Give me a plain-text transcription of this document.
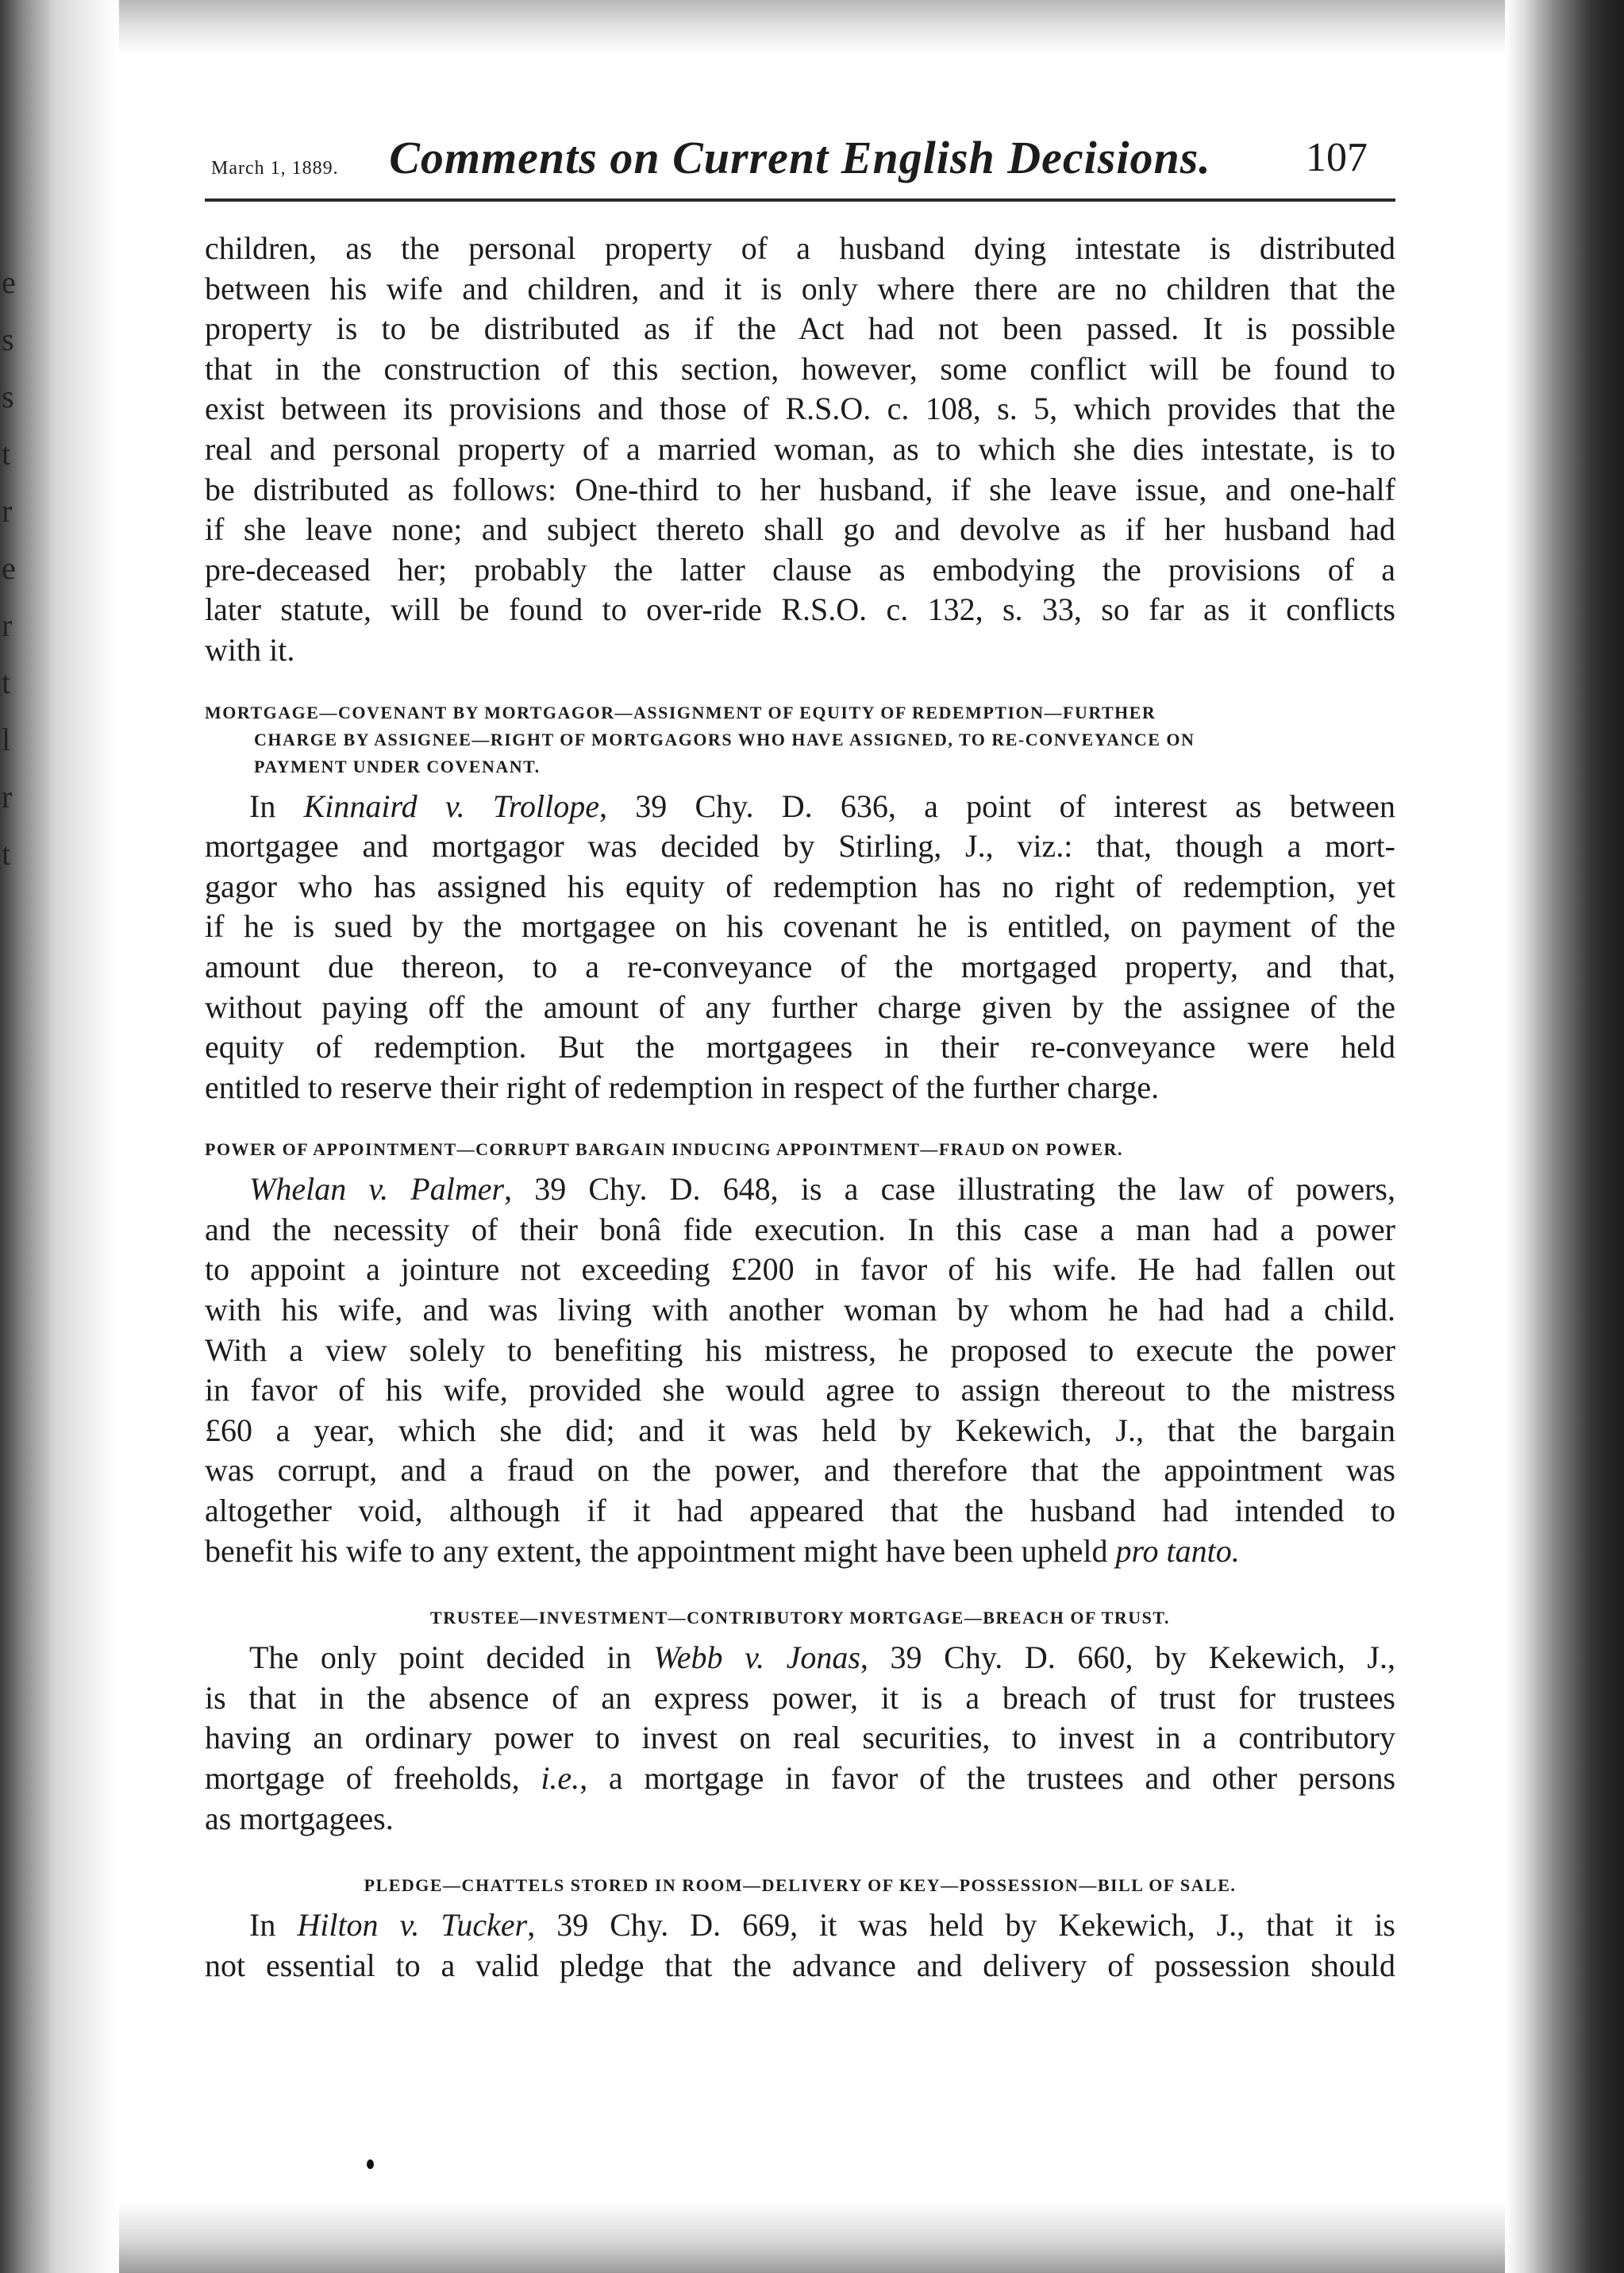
e
s
s
t
r
e
r
t
l
r
t
March 1, 1889.	Comments on Current English Decisions.	107
children, as the personal property of a husband dying intestate is distributed
between his wife and children, and it is only where there are no children that the
property is to be distributed as if the Act had not been passed. It is possible
that in the construction of this section, however, some conflict will be found to
exist between its provisions and those of R.S.O. c. 108, s. 5, which provides that the
real and personal property of a married woman, as to which she dies intestate, is to
be distributed as follows: One-third to her husband, if she leave issue, and one-half
if she leave none; and subject thereto shall go and devolve as if her husband had
pre-deceased her; probably the latter clause as embodying the provisions of a
later statute, will be found to over-ride R.S.O. c. 132, s. 33, so far as it conflicts
with it.
MORTGAGE—COVENANT BY MORTGAGOR—ASSIGNMENT OF EQUITY OF REDEMPTION—FURTHER
CHARGE BY ASSIGNEE—RIGHT OF MORTGAGORS WHO HAVE ASSIGNED, TO RE-CONVEYANCE ON
PAYMENT UNDER COVENANT.
In Kinnaird v. Trollope, 39 Chy. D. 636, a point of interest as between
mortgagee and mortgagor was decided by Stirling, J., viz.: that, though a mort-
gagor who has assigned his equity of redemption has no right of redemption, yet
if he is sued by the mortgagee on his covenant he is entitled, on payment of the
amount due thereon, to a re-conveyance of the mortgaged property, and that,
without paying off the amount of any further charge given by the assignee of the
equity of redemption. But the mortgagees in their re-conveyance were held
entitled to reserve their right of redemption in respect of the further charge.
POWER OF APPOINTMENT—CORRUPT BARGAIN INDUCING APPOINTMENT—FRAUD ON POWER.
Whelan v. Palmer, 39 Chy. D. 648, is a case illustrating the law of powers,
and the necessity of their bonâ fide execution. In this case a man had a power
to appoint a jointure not exceeding £200 in favor of his wife. He had fallen out
with his wife, and was living with another woman by whom he had had a child.
With a view solely to benefiting his mistress, he proposed to execute the power
in favor of his wife, provided she would agree to assign thereout to the mistress
£60 a year, which she did; and it was held by Kekewich, J., that the bargain
was corrupt, and a fraud on the power, and therefore that the appointment was
altogether void, although if it had appeared that the husband had intended to
benefit his wife to any extent, the appointment might have been upheld pro tanto.
TRUSTEE—INVESTMENT—CONTRIBUTORY MORTGAGE—BREACH OF TRUST.
The only point decided in Webb v. Jonas, 39 Chy. D. 660, by Kekewich, J.,
is that in the absence of an express power, it is a breach of trust for trustees
having an ordinary power to invest on real securities, to invest in a contributory
mortgage of freeholds, i.e., a mortgage in favor of the trustees and other persons
as mortgagees.
PLEDGE—CHATTELS STORED IN ROOM—DELIVERY OF KEY—POSSESSION—BILL OF SALE.
In Hilton v. Tucker, 39 Chy. D. 669, it was held by Kekewich, J., that it is
not essential to a valid pledge that the advance and delivery of possession should
